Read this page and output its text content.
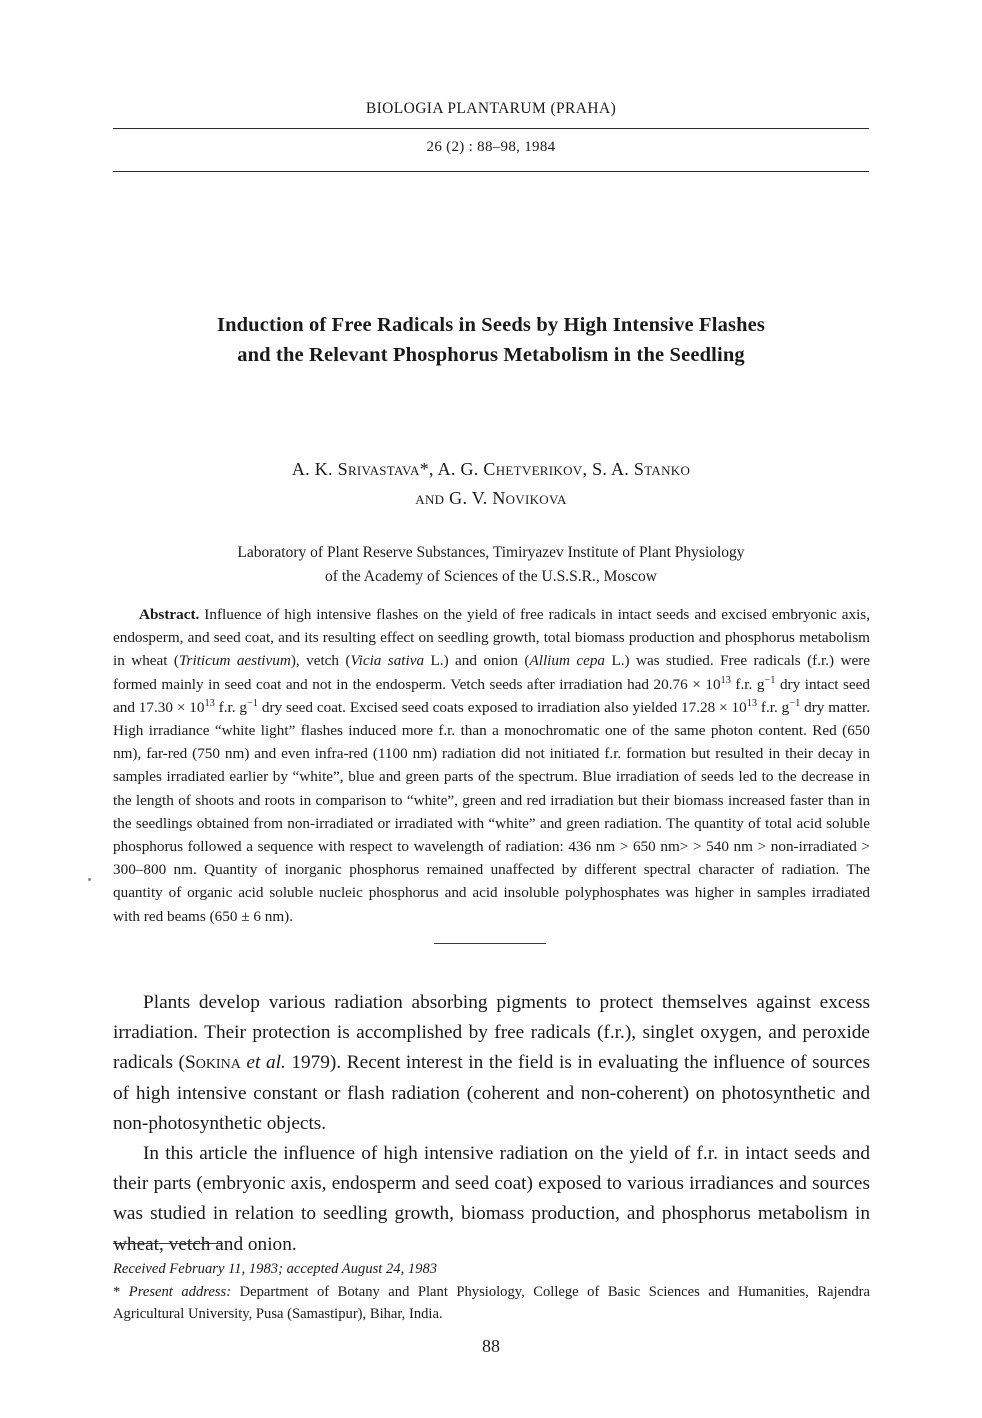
BIOLOGIA PLANTARUM (PRAHA)
26 (2) : 88–98, 1984
Induction of Free Radicals in Seeds by High Intensive Flashes
and the Relevant Phosphorus Metabolism in the Seedling
A. K. Srivastava*, A. G. Chetverikov, S. A. Stanko
and G. V. Novikova
Laboratory of Plant Reserve Substances, Timiryazev Institute of Plant Physiology
of the Academy of Sciences of the U.S.S.R., Moscow
Abstract. Influence of high intensive flashes on the yield of free radicals in intact seeds and excised embryonic axis, endosperm, and seed coat, and its resulting effect on seedling growth, total biomass production and phosphorus metabolism in wheat (Triticum aestivum), vetch (Vicia sativa L.) and onion (Allium cepa L.) was studied. Free radicals (f.r.) were formed mainly in seed coat and not in the endosperm. Vetch seeds after irradiation had $20.76 \times 10^{13}$ f.r. $g^{-1}$ dry intact seed and $17.30 \times 10^{13}$ f.r. $g^{-1}$ dry seed coat. Excised seed coats exposed to irradiation also yielded $17.28 \times 10^{13}$ f.r. $g^{-1}$ dry matter. High irradiance “white light” flashes induced more f.r. than a monochromatic one of the same photon content. Red (650 nm), far-red (750 nm) and even infra-red (1100 nm) radiation did not initiated f.r. formation but resulted in their decay in samples irradiated earlier by “white”, blue and green parts of the spectrum. Blue irradiation of seeds led to the decrease in the length of shoots and roots in comparison to “white”, green and red irradiation but their biomass increased faster than in the seedlings obtained from non-irradiated or irradiated with “white” and green radiation. The quantity of total acid soluble phosphorus followed a sequence with respect to wavelength of radiation: 436 nm > 650 nm> > 540 nm > non-irradiated > 300–800 nm. Quantity of inorganic phosphorus remained unaffected by different spectral character of radiation. The quantity of organic acid soluble nucleic phosphorus and acid insoluble polyphosphates was higher in samples irradiated with red beams (650 ± 6 nm).

Plants develop various radiation absorbing pigments to protect themselves against excess irradiation. Their protection is accomplished by free radicals (f.r.), singlet oxygen, and peroxide radicals (Sokina et al. 1979). Recent interest in the field is in evaluating the influence of sources of high intensive constant or flash radiation (coherent and non-coherent) on photosynthetic and non-photosynthetic objects.

In this article the influence of high intensive radiation on the yield of f.r. in intact seeds and their parts (embryonic axis, endosperm and seed coat) exposed to various irradiances and sources was studied in relation to seedling growth, biomass production, and phosphorus metabolism in wheat, vetch and onion.

Received February 11, 1983; accepted August 24, 1983
* Present address: Department of Botany and Plant Physiology, College of Basic Sciences and Humanities, Rajendra Agricultural University, Pusa (Samastipur), Bihar, India.
88
